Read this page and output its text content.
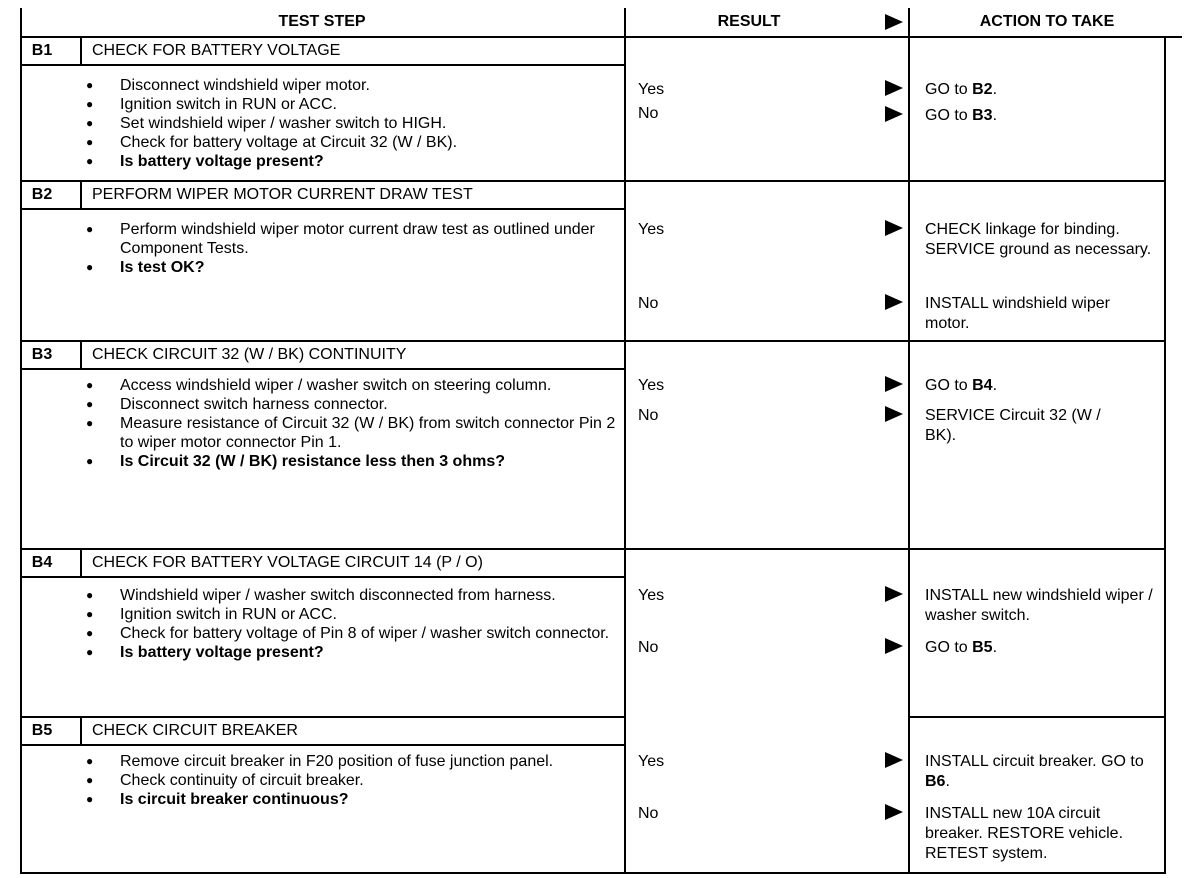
TEST STEP	RESULT	ACTION TO TAKE
B1	CHECK FOR BATTERY VOLTAGE
● Disconnect windshield wiper motor.
● Ignition switch in RUN or ACC.
● Set windshield wiper / washer switch to HIGH.
● Check for battery voltage at Circuit 32 (W / BK).
● Is battery voltage present?
Yes	GO to B2.
No	GO to B3.
B2	PERFORM WIPER MOTOR CURRENT DRAW TEST
● Perform windshield wiper motor current draw test as outlined under Component Tests.
● Is test OK?
Yes	CHECK linkage for binding. SERVICE ground as necessary.
No	INSTALL windshield wiper motor.
B3	CHECK CIRCUIT 32 (W / BK) CONTINUITY
● Access windshield wiper / washer switch on steering column.
● Disconnect switch harness connector.
● Measure resistance of Circuit 32 (W / BK) from switch connector Pin 2 to wiper motor connector Pin 1.
● Is Circuit 32 (W / BK) resistance less then 3 ohms?
Yes	GO to B4.
No	SERVICE Circuit 32 (W / BK).
B4	CHECK FOR BATTERY VOLTAGE CIRCUIT 14 (P / O)
● Windshield wiper / washer switch disconnected from harness.
● Ignition switch in RUN or ACC.
● Check for battery voltage of Pin 8 of wiper / washer switch connector.
● Is battery voltage present?
Yes	INSTALL new windshield wiper / washer switch.
No	GO to B5.
B5	CHECK CIRCUIT BREAKER
● Remove circuit breaker in F20 position of fuse junction panel.
● Check continuity of circuit breaker.
● Is circuit breaker continuous?
Yes	INSTALL circuit breaker. GO to B6.
No	INSTALL new 10A circuit breaker. RESTORE vehicle. RETEST system.
